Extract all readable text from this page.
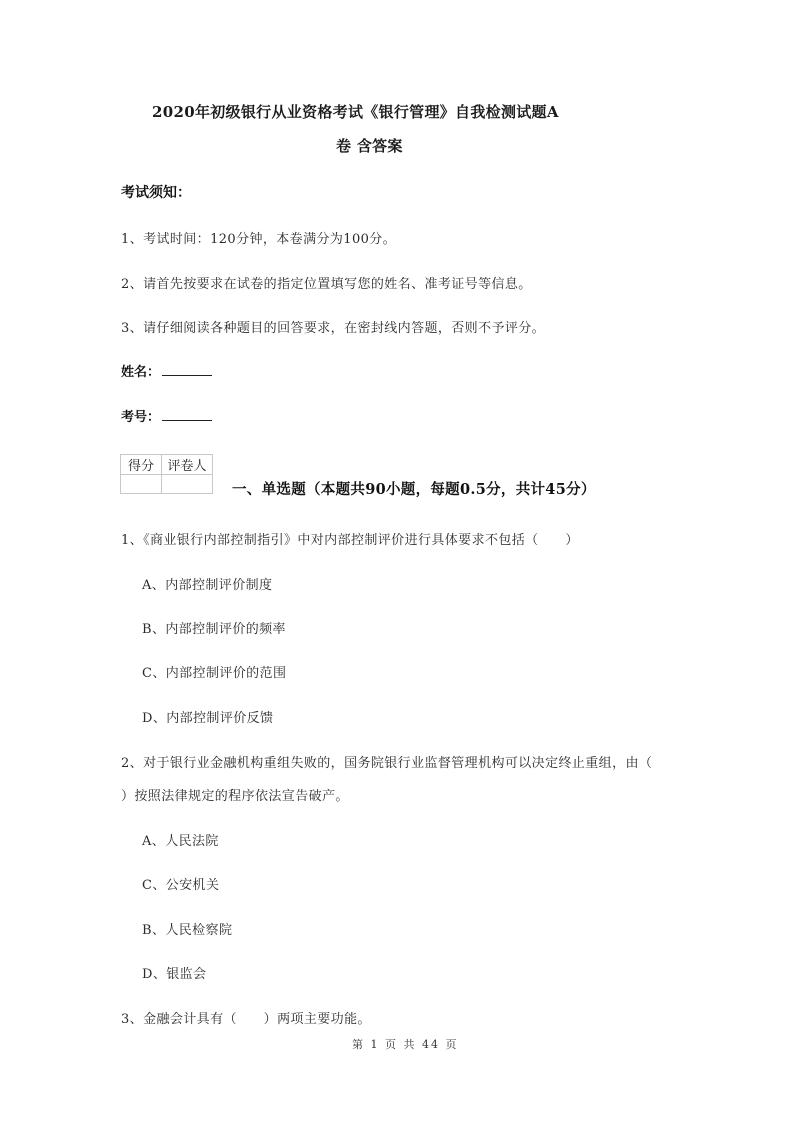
2020年初级银行从业资格考试《银行管理》自我检测试题A
卷 含答案
考试须知：
1、考试时间：120分钟，本卷满分为100分。
2、请首先按要求在试卷的指定位置填写您的姓名、准考证号等信息。
3、请仔细阅读各种题目的回答要求，在密封线内答题，否则不予评分。
姓名：
考号：
得分	评卷人

一、单选题（本题共90小题，每题0.5分，共计45分）
1、《商业银行内部控制指引》中对内部控制评价进行具体要求不包括（　　）
A、内部控制评价制度
B、内部控制评价的频率
C、内部控制评价的范围
D、内部控制评价反馈
2、对于银行业金融机构重组失败的，国务院银行业监督管理机构可以决定终止重组，由（
）按照法律规定的程序依法宣告破产。
A、人民法院
C、公安机关
B、人民检察院
D、银监会
3、金融会计具有（　　）两项主要功能。
第 1 页 共 44 页
